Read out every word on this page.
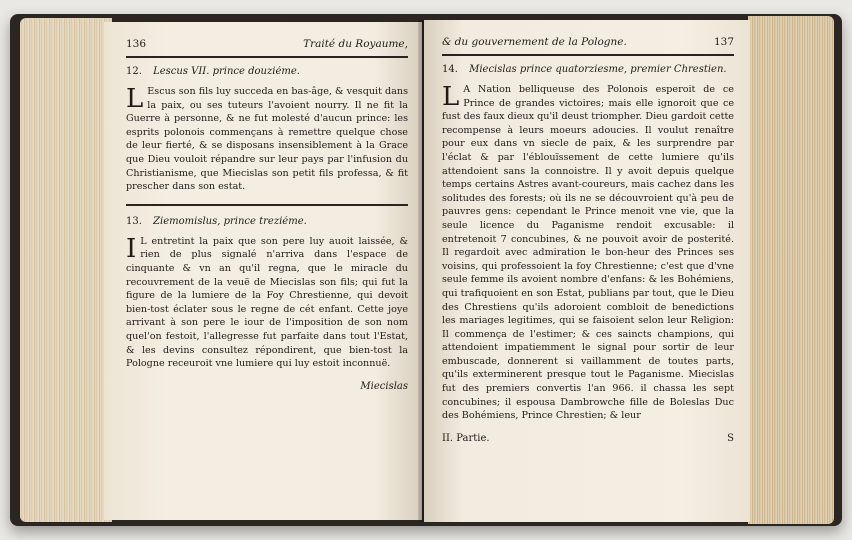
136	Traité du Royaume,
12. Lescus VII. prince douziéme.

L Escus son fils luy succeda en bas-âge, & vesquit dans la paix, ou ses tuteurs l'avoient nourry. Il ne fit la Guerre à personne, & ne fut molesté d'aucun prince: les esprits polonois commençans à remettre quelque chose de leur fierté, & se disposans insensiblement à la Grace que Dieu vouloit répandre sur leur pays par l'infusion du Christianisme, que Miecislas son petit fils professa, & fit prescher dans son estat.

13. Ziemomislus, prince treziéme.

I L entretint la paix que son pere luy auoit laissée, & rien de plus signalé n'arriva dans l'espace de cinquante & vn an qu'il regna, que le miracle du recouvrement de la veuë de Miecislas son fils; qui fut la figure de la lumiere de la Foy Chrestienne, qui devoit bien-tost éclater sous le regne de cét enfant. Cette joye arrivant à son pere le iour de l'imposition de son nom quel'on festoit, l'allegresse fut parfaite dans tout l'Estat, & les devins consultez répondirent, que bien-tost la Pologne receuroit vne lumiere qui luy estoit inconnuë.

Miecislas
& du gouvernement de la Pologne.	137
14. Miecislas prince quatorziesme, premier Chrestien.

L A Nation belliqueuse des Polonois esperoit de ce Prince de grandes victoires; mais elle ignoroit que ce fust des faux dieux qu'il deust triompher. Dieu gardoit cette recompense à leurs moeurs adoucies. Il voulut renaître pour eux dans vn siecle de paix, & les surprendre par l'éclat & par l'éblouïssement de cette lumiere qu'ils attendoient sans la connoistre. Il y avoit depuis quelque temps certains Astres avant-coureurs, mais cachez dans les solitudes des forests; où ils ne se découvroient qu'à peu de pauvres gens: cependant le Prince menoit vne vie, que la seule licence du Paganisme rendoit excusable: il entretenoit 7 concubines, & ne pouvoit avoir de posterité. Il regardoit avec admiration le bon-heur des Princes ses voisins, qui professoient la foy Chrestienne; c'est que d'vne seule femme ils avoient nombre d'enfans: & les Bohémiens, qui trafiquoient en son Estat, publians par tout, que le Dieu des Chrestiens qu'ils adoroient combloit de benedictions les mariages legitimes, qui se faisoient selon leur Religion: Il commença de l'estimer; & ces saincts champions, qui attendoient impatiemment le signal pour sortir de leur embuscade, donnerent si vaillamment de toutes parts, qu'ils exterminerent presque tout le Paganisme. Miecislas fut des premiers convertis l'an 966. il chassa les sept concubines; il espousa Dambrowche fille de Boleslas Duc des Bohémiens, Prince Chrestien; & leur

II. Partie.	S
